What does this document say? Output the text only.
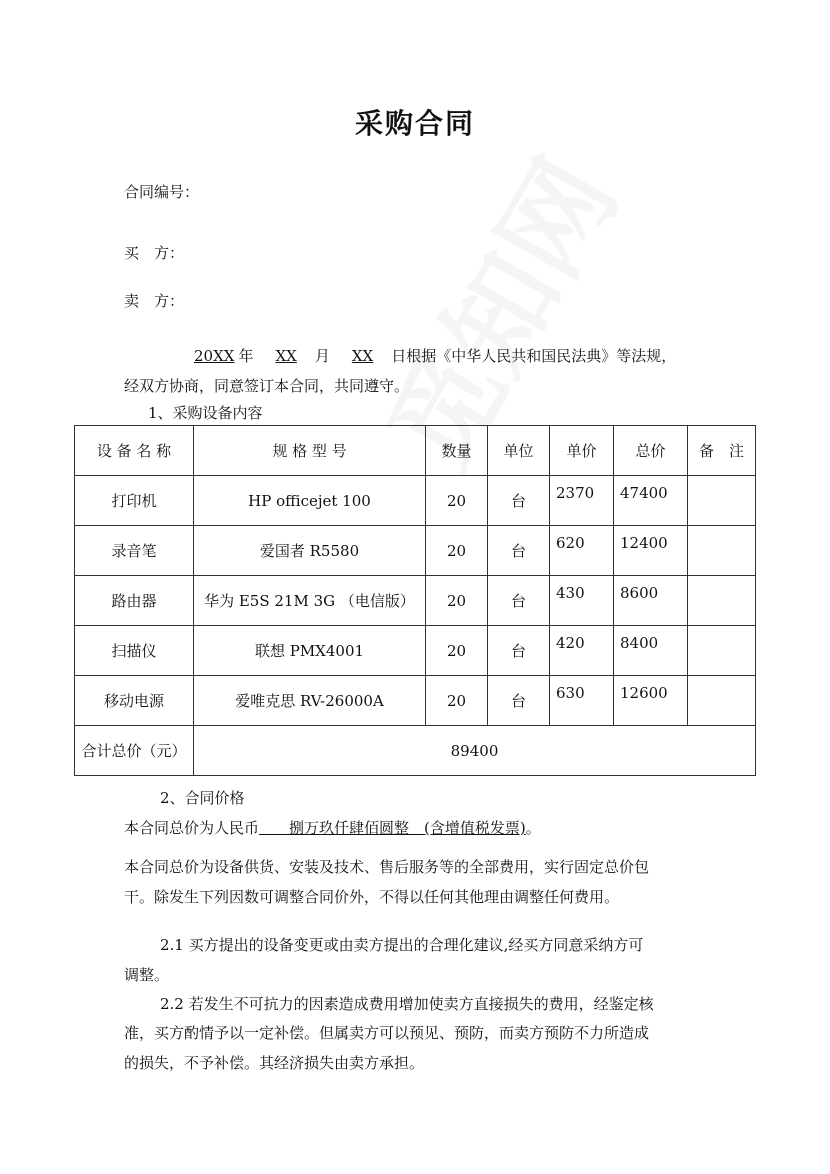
采购合同
合同编号：
买　方：
卖　方：
20XX 年 XX 月 XX 日根据《中华人民共和国民法典》等法规，
经双方协商，同意签订本合同，共同遵守。
1、采购设备内容
设 备 名 称	规 格 型 号	数量	单位	单价	总价	备　注
打印机	HP officejet 100	20	台	2370	47400	
录音笔	爱国者 R5580	20	台	620	12400	
路由器	华为 E5S 21M 3G （电信版）	20	台	430	8600	
扫描仪	联想 PMX4001	20	台	420	8400	
移动电源	爱唯克思 RV-26000A	20	台	630	12600	
合计总价（元）	89400					
2、合同价格
本合同总价为人民币　　捌万玖仟肆佰圆整　(含增值税发票)。
本合同总价为设备供货、安装及技术、售后服务等的全部费用，实行固定总价包
干。除发生下列因数可调整合同价外，不得以任何其他理由调整任何费用。
2.1 买方提出的设备变更或由卖方提出的合理化建议,经买方同意采纳方可
调整。
2.2 若发生不可抗力的因素造成费用增加使卖方直接损失的费用，经鉴定核
准，买方酌情予以一定补偿。但属卖方可以预见、预防，而卖方预防不力所造成
的损失，不予补偿。其经济损失由卖方承担。
